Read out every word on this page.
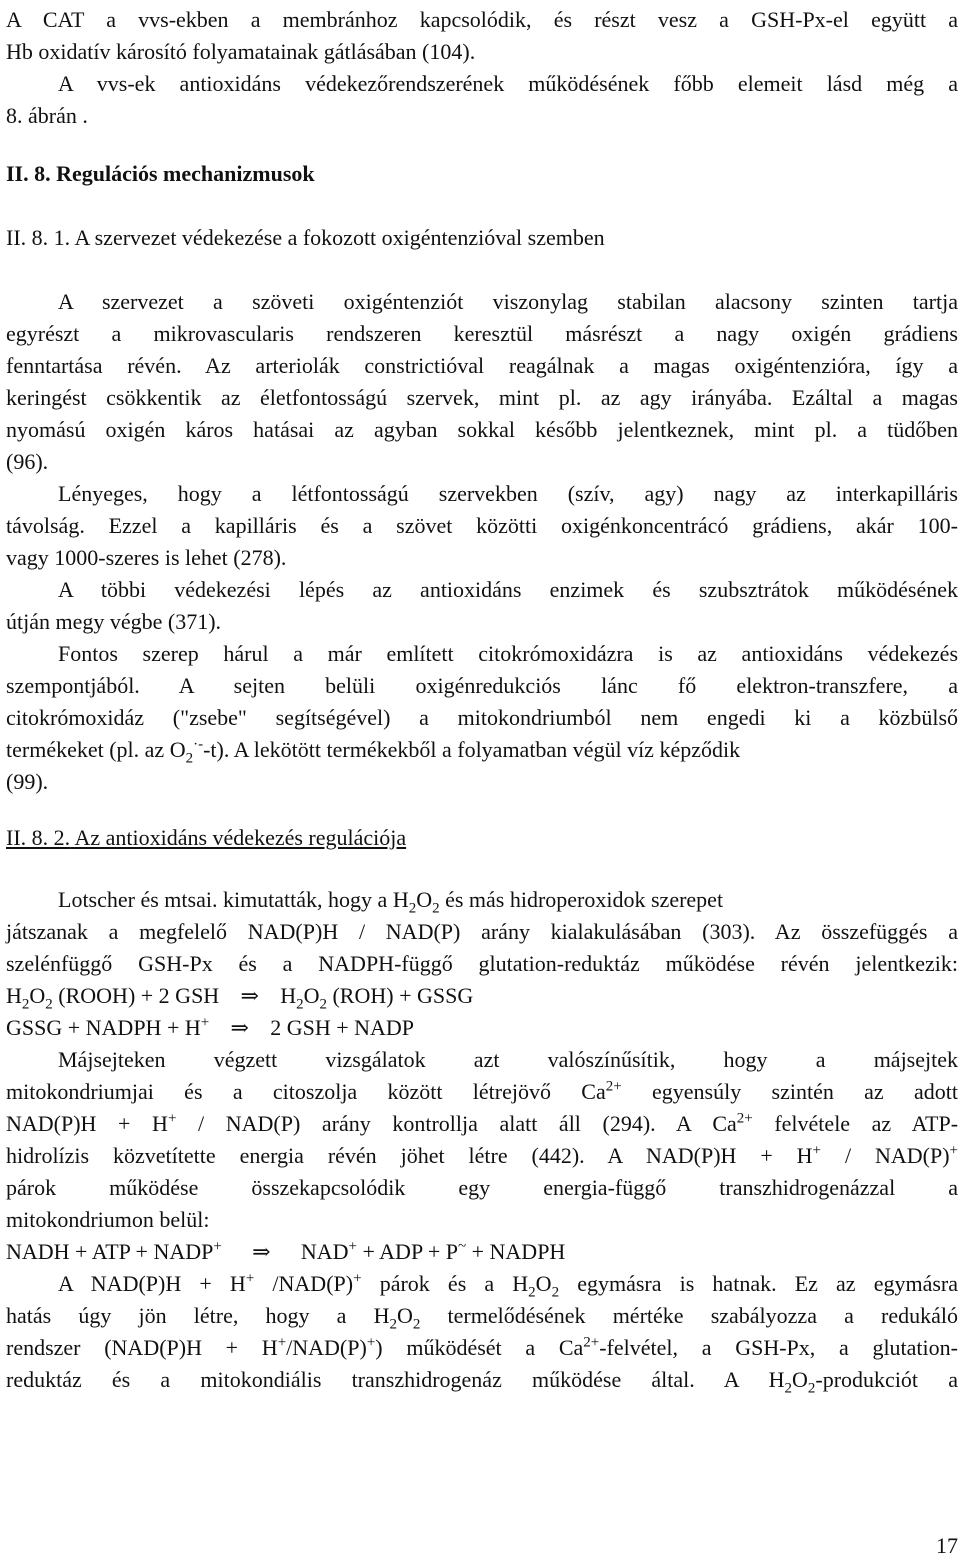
A CAT a vvs-ekben a membránhoz kapcsolódik, és részt vesz a GSH-Px-el együtt a
Hb oxidatív károsító folyamatainak gátlásában (104).
A vvs-ek antioxidáns védekezőrendszerének működésének főbb elemeit lásd még a
8. ábrán .
II. 8. Regulációs mechanizmusok
II. 8. 1. A szervezet védekezése a fokozott oxigéntenzióval szemben
A szervezet a szöveti oxigéntenziót viszonylag stabilan alacsony szinten tartja
egyrészt a mikrovascularis rendszeren keresztül másrészt a nagy oxigén grádiens
fenntartása révén. Az arteriolák constrictióval reagálnak a magas oxigéntenzióra, így a
keringést csökkentik az életfontosságú szervek, mint pl. az agy irányába. Ezáltal a magas
nyomású oxigén káros hatásai az agyban sokkal később jelentkeznek, mint pl. a tüdőben
(96).
Lényeges, hogy a létfontosságú szervekben (szív, agy) nagy az interkapilláris
távolság. Ezzel a kapilláris és a szövet közötti oxigénkoncentrácó grádiens, akár 100-
vagy 1000-szeres is lehet (278).
A többi védekezési lépés az antioxidáns enzimek és szubsztrátok működésének
útján megy végbe (371).
Fontos szerep hárul a már említett citokrómoxidázra is az antioxidáns védekezés
szempontjából. A sejten belüli oxigénredukciós lánc fő elektron-transzfere, a
citokrómoxidáz ("zsebe" segítségével) a mitokondriumból nem engedi ki a közbülső
termékeket (pl. az $O_2^{\cdot-}-t$). A lekötött termékekből a folyamatban végül víz képződik
(99).
II. 8. 2. Az antioxidáns védekezés regulációja
Lotscher és mtsai. kimutatták, hogy a $H_2O_2$ és más hidroperoxidok szerepet
játszanak a megfelelő NAD(P)H / NAD(P) arány kialakulásában (303). Az összefüggés a
szelénfüggő GSH-Px és a NADPH-függő glutation-reduktáz működése révén jelentkezik:
$H_2O_2$ (ROOH) + 2 GSH ⇒ $H_2O_2$ (ROH) + GSSG
GSSG + NADPH + H+ ⇒ 2 GSH + NADP
Májsejteken végzett vizsgálatok azt valószínűsítik, hogy a májsejtek
mitokondriumjai és a citoszolja között létrejövő $Ca^{2+}$ egyensúly szintén az adott
NAD(P)H + H+ / NAD(P) arány kontrollja alatt áll (294). A $Ca^{2+}$ felvétele az ATP-
hidrolízis közvetítette energia révén jöhet létre (442). A NAD(P)H + H+ / NAD(P)+
párok működése összekapcsolódik egy energia-függő transzhidrogenázzal a
mitokondriumon belül:
NADH + ATP + NADP+ ⇒ NAD+ + ADP + P~ + NADPH
A NAD(P)H + H+ /NAD(P)+ párok és a $H_2O_2$ egymásra is hatnak. Ez az egymásra
hatás úgy jön létre, hogy a $H_2O_2$ termelődésének mértéke szabályozza a redukáló
rendszer (NAD(P)H + H+/NAD(P)+) működését a $Ca^{2+}$-felvétel, a GSH-Px, a glutation-
reduktáz és a mitokondiális transzhidrogenáz működése által. A $H_2O_2$-produkciót a
17
